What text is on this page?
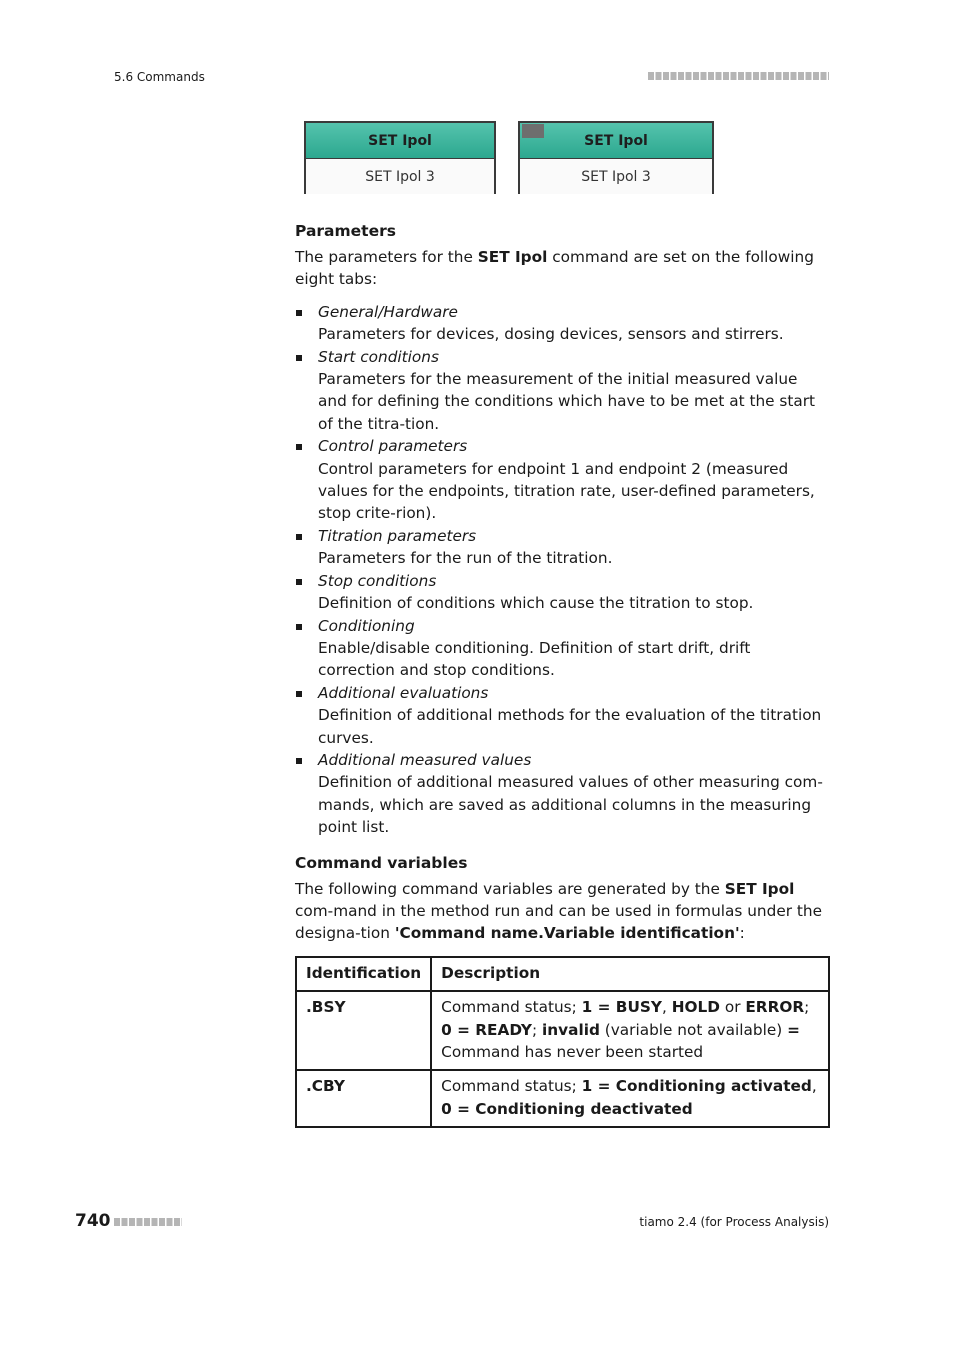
5.6 Commands
SET Ipol
SET Ipol 3
SET Ipol
SET Ipol 3
Parameters

The parameters for the SET Ipol command are set on the following eight tabs:

General/Hardware
Parameters for devices, dosing devices, sensors and stirrers.
Start conditions
Parameters for the measurement of the initial measured value and for defining the conditions which have to be met at the start of the titra-tion.
Control parameters
Control parameters for endpoint 1 and endpoint 2 (measured values for the endpoints, titration rate, user-defined parameters, stop crite-rion).
Titration parameters
Parameters for the run of the titration.
Stop conditions
Definition of conditions which cause the titration to stop.
Conditioning
Enable/disable conditioning. Definition of start drift, drift correction and stop conditions.
Additional evaluations
Definition of additional methods for the evaluation of the titration curves.
Additional measured values
Definition of additional measured values of other measuring com-mands, which are saved as additional columns in the measuring point list.
Command variables

The following command variables are generated by the SET Ipol com-mand in the method run and can be used in formulas under the designa-tion 'Command name.Variable identification':

Identification	Description
.BSY	Command status; 1 = BUSY, HOLD or ERROR; 0 = READY; invalid (variable not available) = Command has never been started
.CBY	Command status; 1 = Conditioning activated, 0 = Conditioning deactivated
740	tiamo 2.4 (for Process Analysis)
